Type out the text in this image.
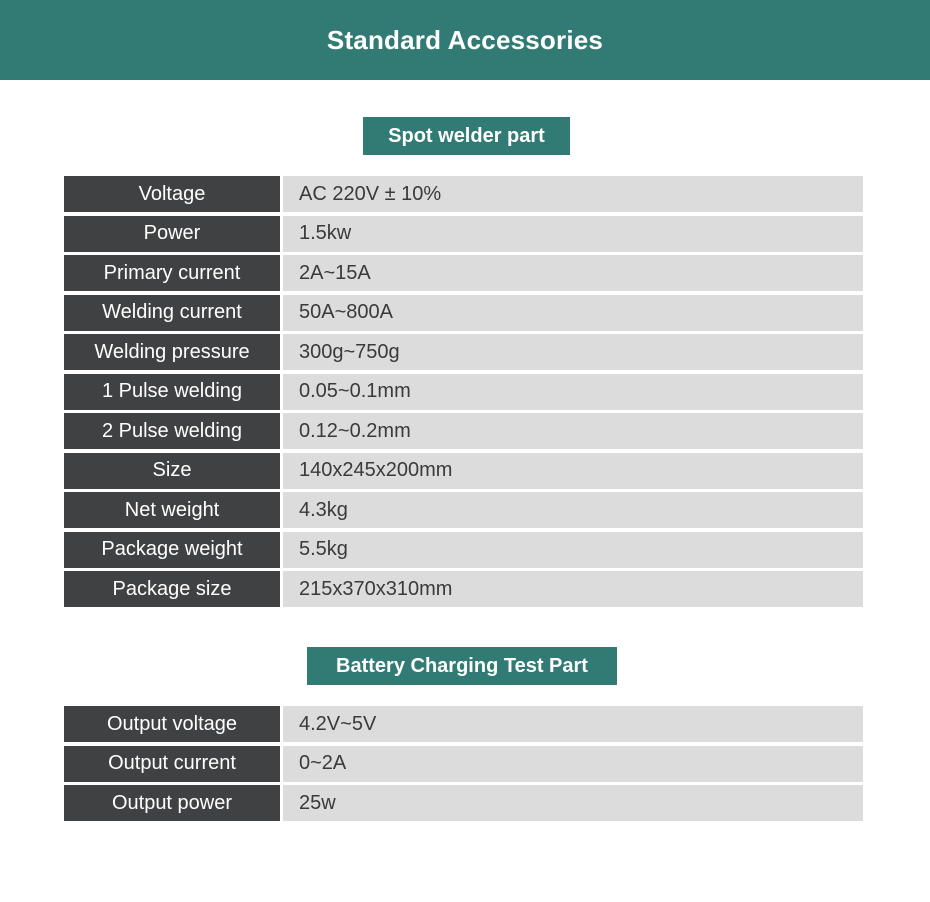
Standard Accessories
Spot welder part
Voltage	AC 220V ± 10%
Power	1.5kw
Primary current	2A~15A
Welding current	50A~800A
Welding pressure	300g~750g
1 Pulse welding	0.05~0.1mm
2 Pulse welding	0.12~0.2mm
Size	140x245x200mm
Net weight	4.3kg
Package weight	5.5kg
Package size	215x370x310mm
Battery Charging Test Part
Output voltage	4.2V~5V
Output current	0~2A
Output power	25w
